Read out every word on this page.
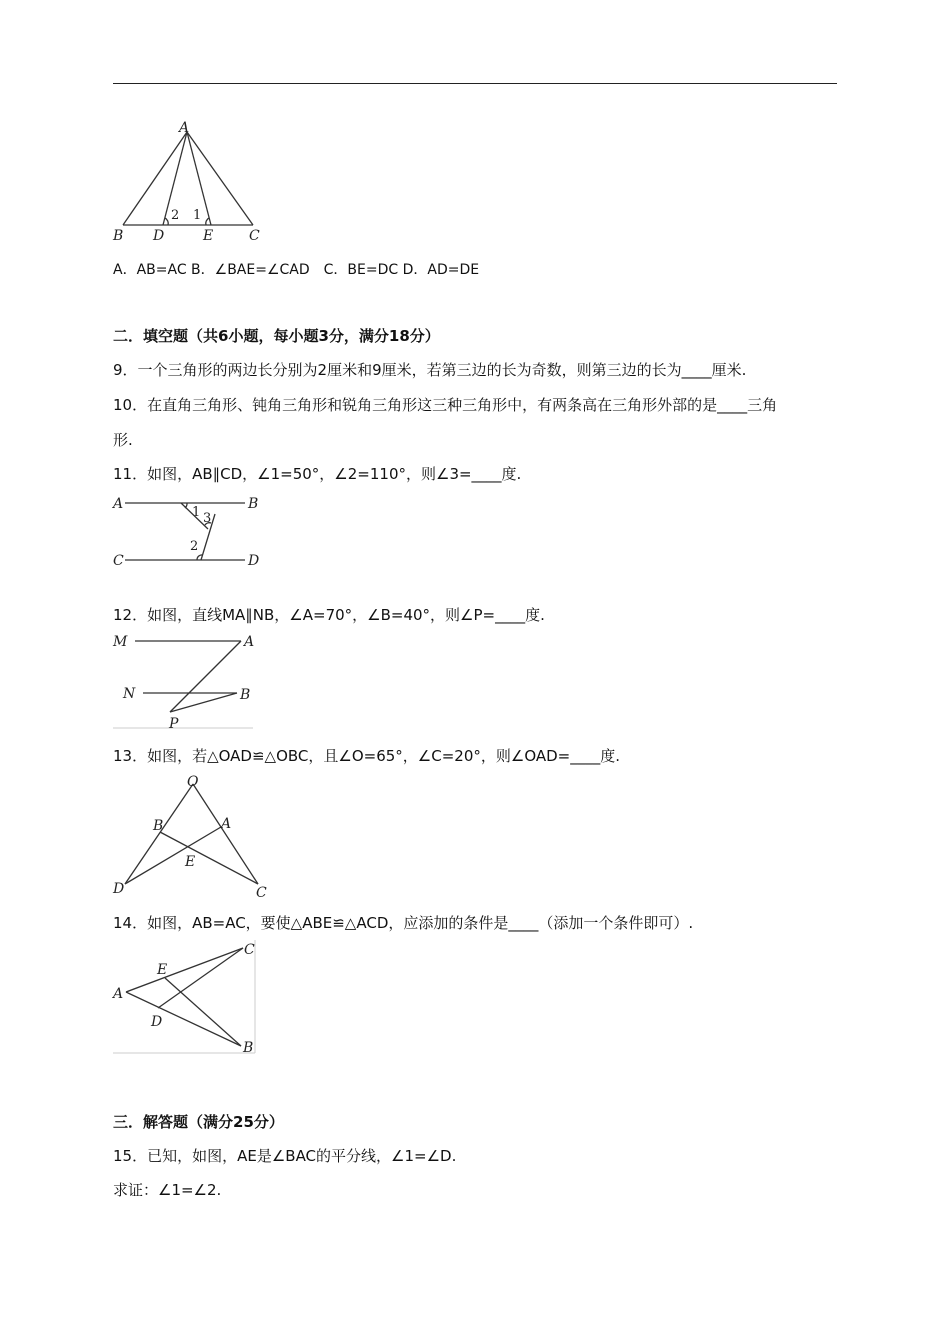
A
B D	E	C
2 1
A．AB=AC B．∠BAE=∠CAD　C．BE=DC D．AD=DE
二．填空题（共6小题，每小题3分，满分18分）
9．一个三角形的两边长分别为2厘米和9厘米，若第三边的长为奇数，则第三边的长为____厘米.
10．在直角三角形、钝角三角形和锐角三角形这三种三角形中，有两条高在三角形外部的是____三角
形.
11．如图，AB∥CD，∠1=50°，∠2=110°，则∠3=____度.
A	B
C	D
1 3
2
12．如图，直线MA∥NB，∠A=70°，∠B=40°，则∠P=____度.
M	A
N	B
P
13．如图，若△OAD≌△OBC，且∠O=65°，∠C=20°，则∠OAD=____度.
O
B	A
E
D	C
14．如图，AB=AC，要使△ABE≌△ACD，应添加的条件是____（添加一个条件即可）.
C
E
A
D
B
三．解答题（满分25分）
15．已知，如图，AE是∠BAC的平分线，∠1=∠D.
求证：∠1=∠2.
